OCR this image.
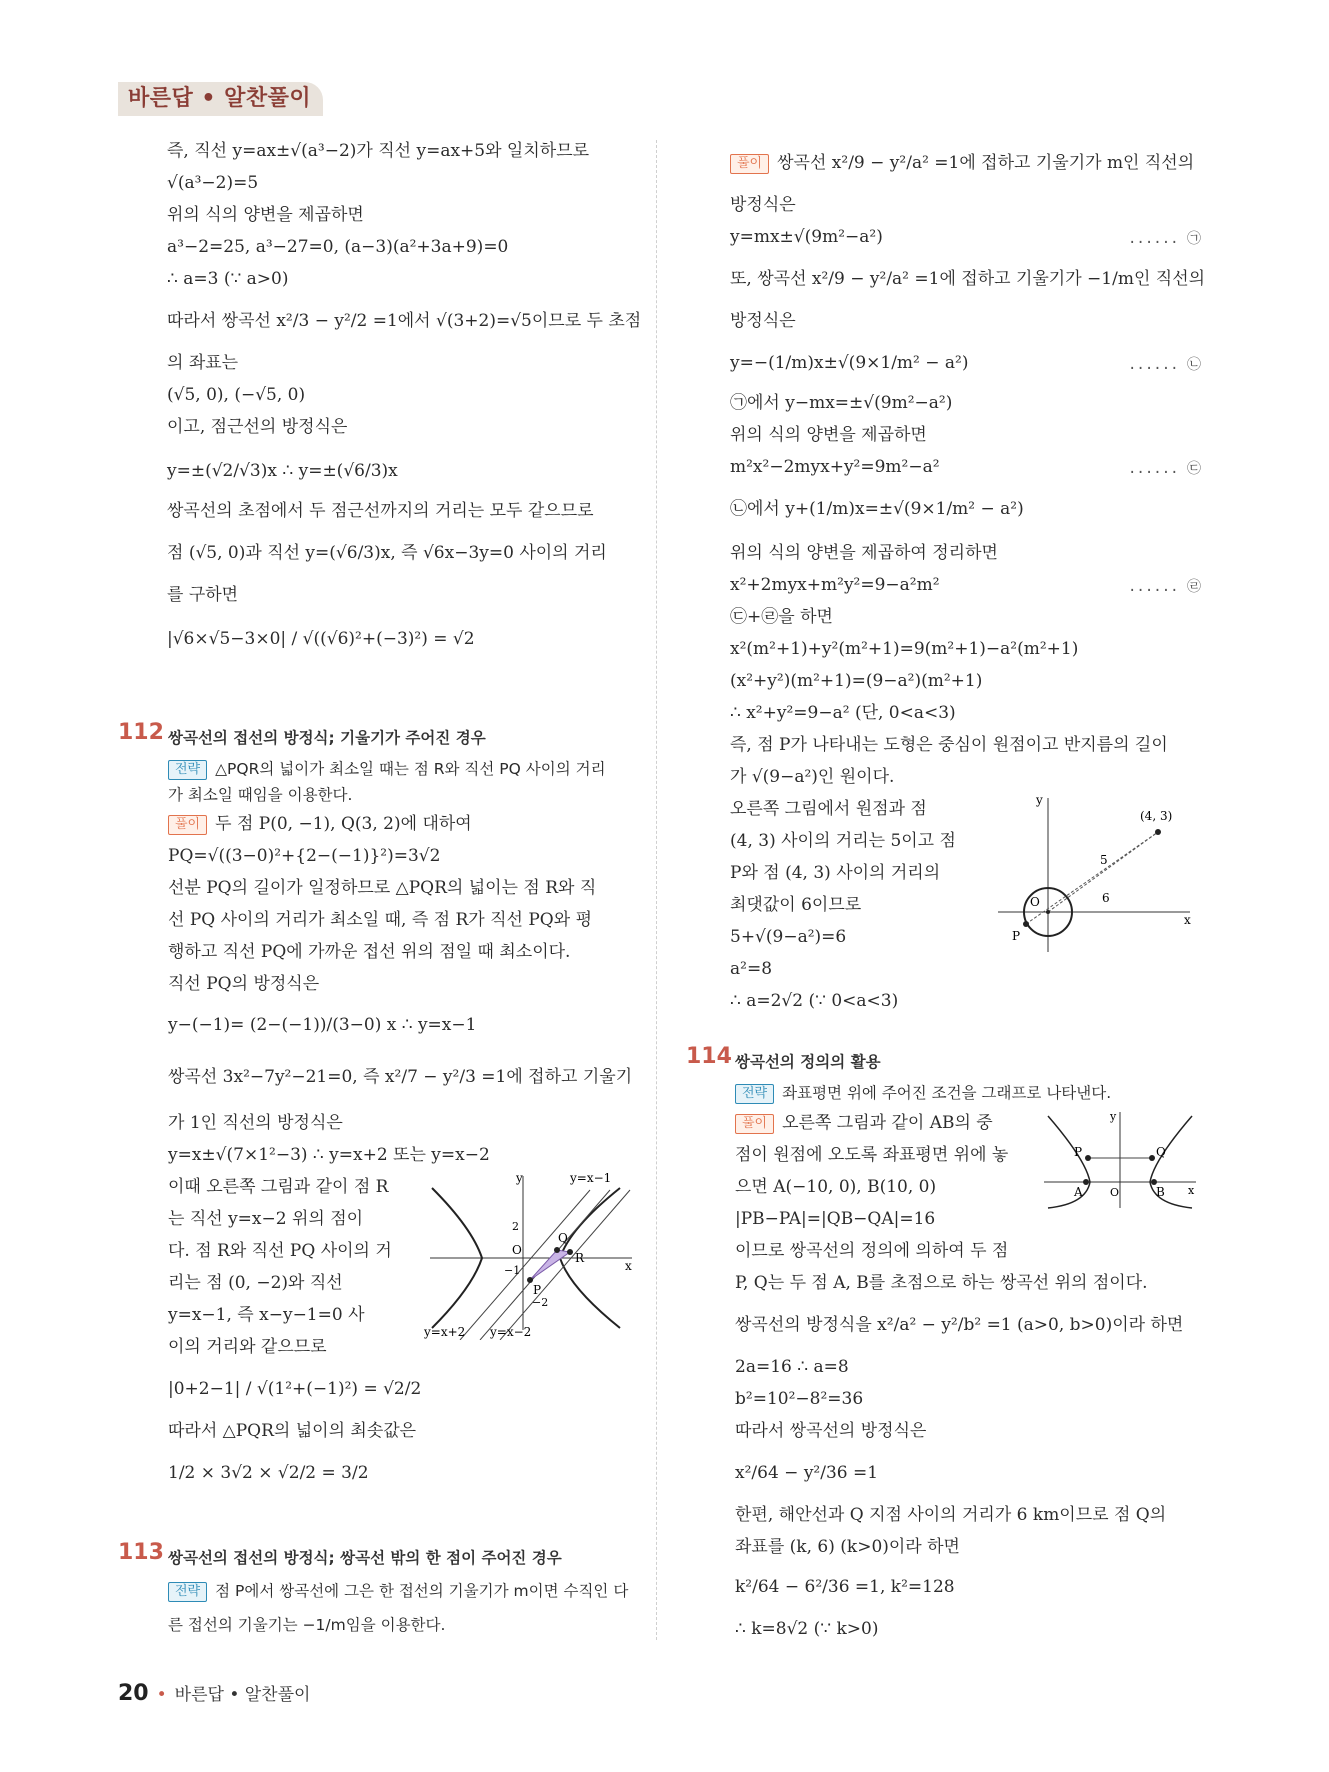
바른답 • 알찬풀이
즉, 직선 y=ax±√(a³−2)가 직선 y=ax+5와 일치하므로
√(a³−2)=5
위의 식의 양변을 제곱하면
a³−2=25, a³−27=0, (a−3)(a²+3a+9)=0
∴ a=3 (∵ a>0)
따라서 쌍곡선 x²/3 − y²/2 =1에서 √(3+2)=√5이므로 두 초점
의 좌표는
(√5, 0), (−√5, 0)
이고, 점근선의 방정식은
y=±(√2/√3)x ∴ y=±(√6/3)x
쌍곡선의 초점에서 두 점근선까지의 거리는 모두 같으므로
점 (√5, 0)과 직선 y=(√6/3)x, 즉 √6x−3y=0 사이의 거리
를 구하면
|√6×√5−3×0| / √((√6)²+(−3)²) = √2
112 쌍곡선의 접선의 방정식; 기울기가 주어진 경우
전략 △PQR의 넓이가 최소일 때는 점 R와 직선 PQ 사이의 거리
가 최소일 때임을 이용한다.
풀이 두 점 P(0, −1), Q(3, 2)에 대하여
PQ=√((3−0)²+{2−(−1)}²)=3√2
선분 PQ의 길이가 일정하므로 △PQR의 넓이는 점 R와 직
선 PQ 사이의 거리가 최소일 때, 즉 점 R가 직선 PQ와 평
행하고 직선 PQ에 가까운 접선 위의 점일 때 최소이다.
직선 PQ의 방정식은
y−(−1)= (2−(−1))/(3−0) x ∴ y=x−1
쌍곡선 3x²−7y²−21=0, 즉 x²/7 − y²/3 =1에 접하고 기울기
가 1인 직선의 방정식은
y=x±√(7×1²−3) ∴ y=x+2 또는 y=x−2
이때 오른쪽 그림과 같이 점 R
는 직선 y=x−2 위의 점이
다. 점 R와 직선 PQ 사이의 거
리는 점 (0, −2)와 직선
y=x−1, 즉 x−y−1=0 사
이의 거리와 같으므로
|0+2−1| / √(1²+(−1)²) = √2/2
따라서 △PQR의 넓이의 최솟값은
1/2 × 3√2 × √2/2 = 3/2
y
x
O
y=x−1
y=x+2 y=x−2
Q
R
P
2
−1
−2
113 쌍곡선의 접선의 방정식; 쌍곡선 밖의 한 점이 주어진 경우
전략 점 P에서 쌍곡선에 그은 한 접선의 기울기가 m이면 수직인 다
른 접선의 기울기는 −1/m임을 이용한다.
풀이 쌍곡선 x²/9 − y²/a² =1에 접하고 기울기가 m인 직선의
방정식은
y=mx±√(9m²−a²)	...... ㉠
또, 쌍곡선 x²/9 − y²/a² =1에 접하고 기울기가 −1/m인 직선의
방정식은
y=−(1/m)x±√(9×1/m² − a²)	...... ㉡
㉠에서 y−mx=±√(9m²−a²)
위의 식의 양변을 제곱하면
m²x²−2myx+y²=9m²−a²	...... ㉢
㉡에서 y+(1/m)x=±√(9×1/m² − a²)
위의 식의 양변을 제곱하여 정리하면
x²+2myx+m²y²=9−a²m²	...... ㉣
㉢+㉣을 하면
x²(m²+1)+y²(m²+1)=9(m²+1)−a²(m²+1)
(x²+y²)(m²+1)=(9−a²)(m²+1)
∴ x²+y²=9−a² (단, 0<a<3)
즉, 점 P가 나타내는 도형은 중심이 원점이고 반지름의 길이
가 √(9−a²)인 원이다.
오른쪽 그림에서 원점과 점
(4, 3) 사이의 거리는 5이고 점
P와 점 (4, 3) 사이의 거리의
최댓값이 6이므로
5+√(9−a²)=6
a²=8
∴ a=2√2 (∵ 0<a<3)
y
x
O
P
(4, 3)
5
6
114 쌍곡선의 정의의 활용
전략 좌표평면 위에 주어진 조건을 그래프로 나타낸다.
풀이 오른쪽 그림과 같이 AB의 중
점이 원점에 오도록 좌표평면 위에 놓
으면 A(−10, 0), B(10, 0)
|PB−PA|=|QB−QA|=16
이므로 쌍곡선의 정의에 의하여 두 점
P, Q는 두 점 A, B를 초점으로 하는 쌍곡선 위의 점이다.
쌍곡선의 방정식을 x²/a² − y²/b² =1 (a>0, b>0)이라 하면
2a=16 ∴ a=8
b²=10²−8²=36
따라서 쌍곡선의 방정식은
x²/64 − y²/36 =1
한편, 해안선과 Q 지점 사이의 거리가 6 km이므로 점 Q의
좌표를 (k, 6) (k>0)이라 하면
k²/64 − 6²/36 =1, k²=128
∴ k=8√2 (∵ k>0)
y
x
O
A	B
P	Q
20 • 바른답 • 알찬풀이
